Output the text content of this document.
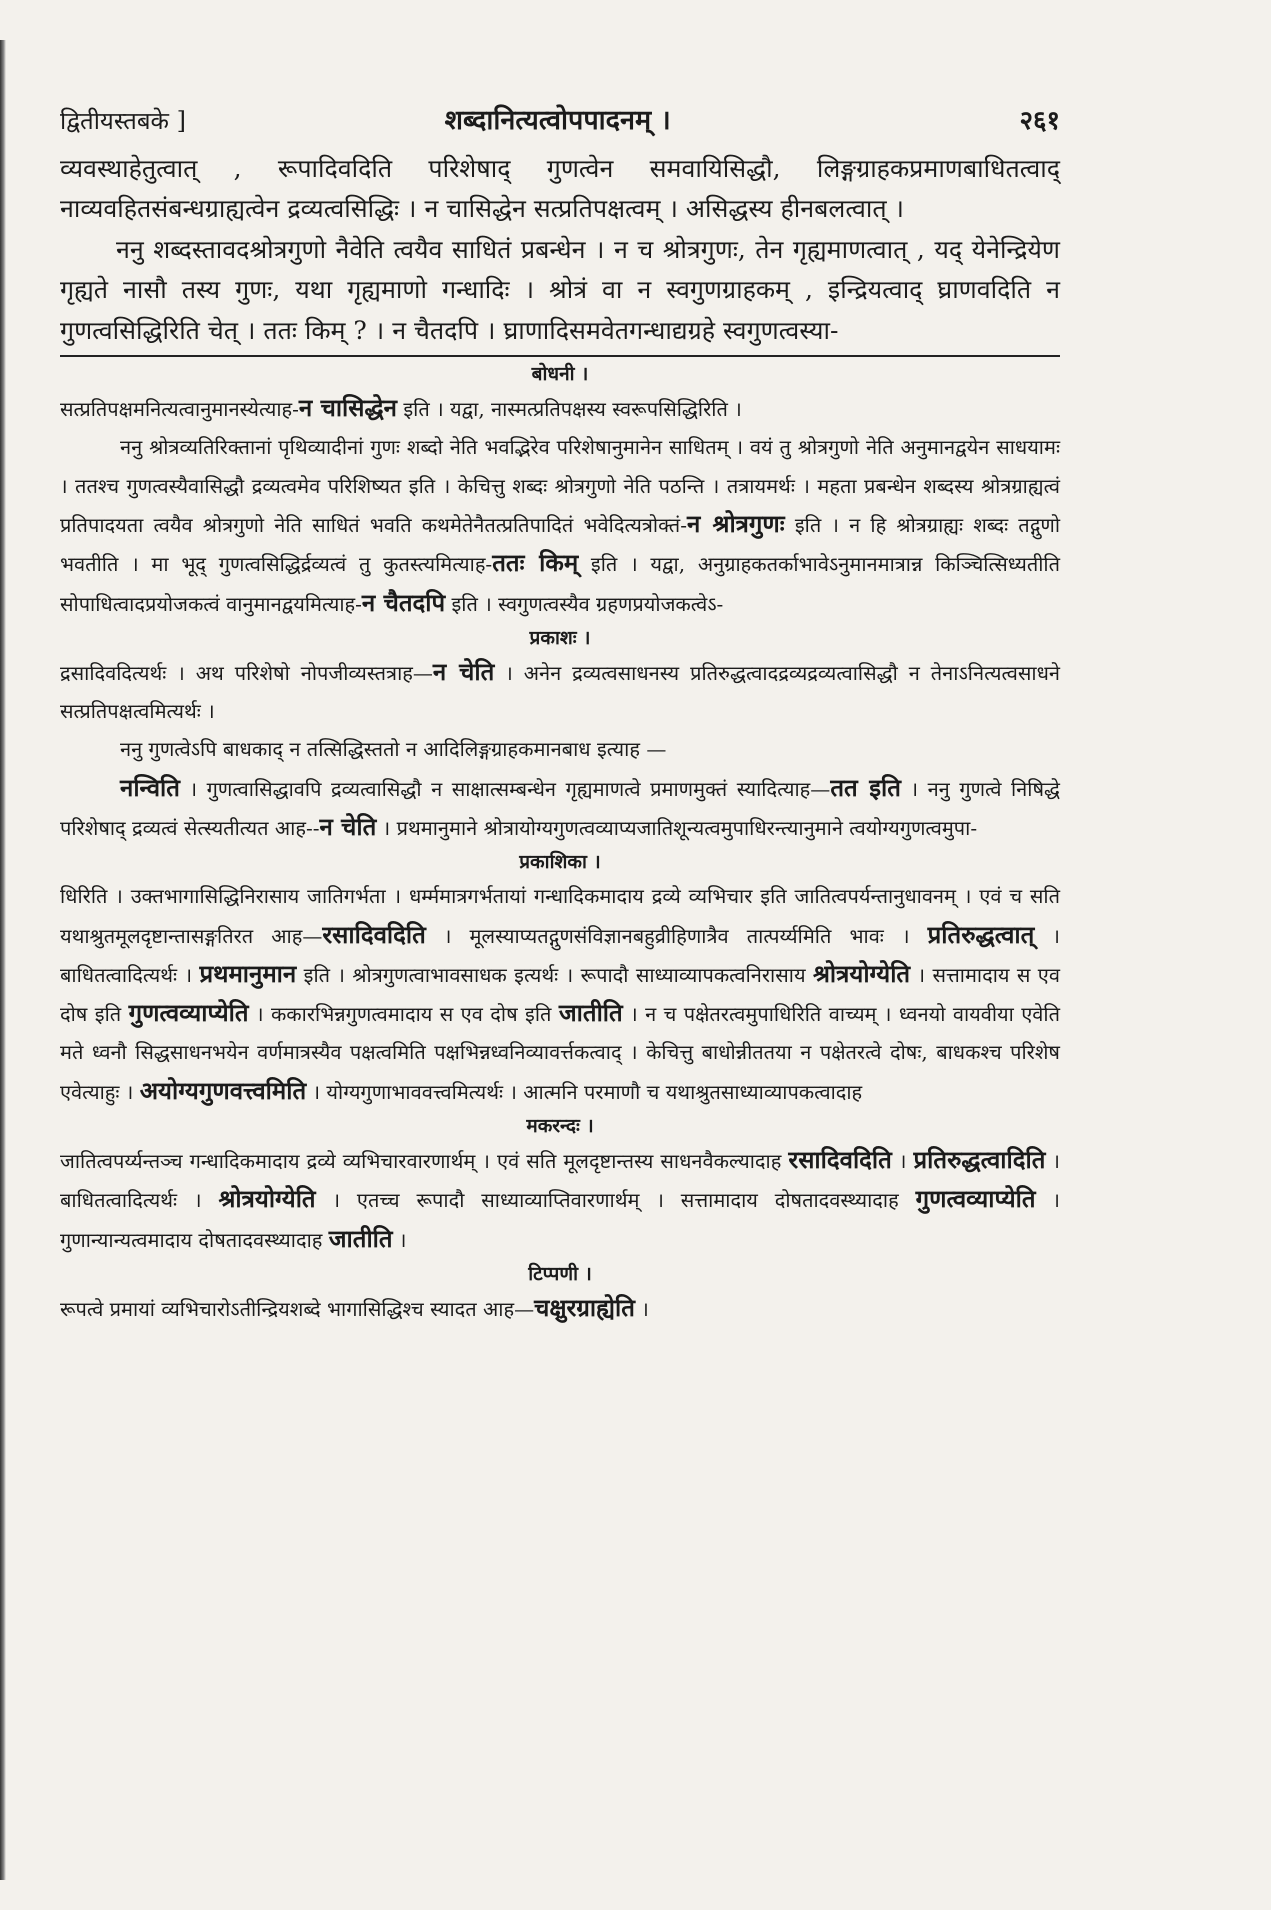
द्वितीयस्तबके ]	शब्दानित्यत्वोपपादनम् ।	२६१

व्यवस्थाहेतुत्वात् , रूपादिवदिति परिशेषाद् गुणत्वेन समवायिसिद्धौ, लिङ्गग्राहकप्रमाणबाधितत्वाद् नाव्यवहितसंबन्धग्राह्यत्वेन द्रव्यत्वसिद्धिः । न चासिद्धेन सत्प्रतिपक्षत्वम् । असिद्धस्य हीनबलत्वात् ।

ननु शब्दस्तावदश्रोत्रगुणो नैवेति त्वयैव साधितं प्रबन्धेन । न च श्रोत्रगुणः, तेन गृह्यमाणत्वात् , यद् येनेन्द्रियेण गृह्यते नासौ तस्य गुणः, यथा गृह्यमाणो गन्धादिः । श्रोत्रं वा न स्वगुणग्राहकम् , इन्द्रियत्वाद् घ्राणवदिति न गुणत्वसिद्धिरिति चेत् । ततः किम् ? । न चैतदपि । घ्राणादिसमवेतगन्धाद्यग्रहे स्वगुणत्वस्या-

बोधनी ।

सत्प्रतिपक्षमनित्यत्वानुमानस्येत्याह-न चासिद्धेन इति । यद्वा, नास्मत्प्रतिपक्षस्य स्वरूपसिद्धिरिति ।
ननु श्रोत्रव्यतिरिक्तानां पृथिव्यादीनां गुणः शब्दो नेति भवद्भिरेव परिशेषानुमानेन साधितम् । वयं तु श्रोत्रगुणो नेति अनुमानद्वयेन साधयामः । ततश्च गुणत्वस्यैवासिद्धौ द्रव्यत्वमेव परिशिष्यत इति । केचित्तु शब्दः श्रोत्रगुणो नेति पठन्ति । तत्रायमर्थः । महता प्रबन्धेन शब्दस्य श्रोत्रग्राह्यत्वं प्रतिपादयता त्वयैव श्रोत्रगुणो नेति साधितं भवति कथमेतेनैतत्प्रतिपादितं भवेदित्यत्रोक्तं-न श्रोत्रगुणः इति । न हि श्रोत्रग्राह्यः शब्दः तद्गुणो भवतीति । मा भूद् गुणत्वसिद्धिर्द्रव्यत्वं तु कुतस्त्यमित्याह-ततः किम् इति । यद्वा, अनुग्राहकतर्काभावेऽनुमानमात्रान्न किञ्चित्सिध्यतीति सोपाधित्वादप्रयोजकत्वं वानुमानद्वयमित्याह-न चैतदपि इति । स्वगुणत्वस्यैव ग्रहणप्रयोजकत्वेऽ-

प्रकाशः ।

द्रसादिवदित्यर्थः । अथ परिशेषो नोपजीव्यस्तत्राह—न चेति । अनेन द्रव्यत्वसाधनस्य प्रतिरुद्धत्वादद्रव्यद्रव्यत्वासिद्धौ न तेनाऽनित्यत्वसाधने सत्प्रतिपक्षत्वमित्यर्थः ।

ननु गुणत्वेऽपि बाधकाद् न तत्सिद्धिस्ततो न आदिलिङ्गग्राहकमानबाध इत्याह —

नन्विति । गुणत्वासिद्धावपि द्रव्यत्वासिद्धौ न साक्षात्सम्बन्धेन गृह्यमाणत्वे प्रमाणमुक्तं स्यादित्याह—तत इति । ननु गुणत्वे निषिद्धे परिशेषाद् द्रव्यत्वं सेत्स्यतीत्यत आह--न चेति । प्रथमानुमाने श्रोत्रायोग्यगुणत्वव्याप्यजातिशून्यत्वमुपाधिरन्त्यानुमाने त्वयोग्यगुणत्वमुपा-

प्रकाशिका ।

धिरिति । उक्तभागासिद्धिनिरासाय जातिगर्भता । धर्म्ममात्रगर्भतायां गन्धादिकमादाय द्रव्ये व्यभिचार इति जातित्वपर्यन्तानुधावनम् । एवं च सति यथाश्रुतमूलदृष्टान्तासङ्गतिरत आह—रसादिवदिति । मूलस्याप्यतद्गुणसंविज्ञानबहुव्रीहिणात्रैव तात्पर्य्यमिति भावः । प्रतिरुद्धत्वात् । बाधितत्वादित्यर्थः । प्रथमानुमान इति । श्रोत्रगुणत्वाभावसाधक इत्यर्थः । रूपादौ साध्याव्यापकत्वनिरासाय श्रोत्रयोग्येति । सत्तामादाय स एव दोष इति गुणत्वव्याप्येति । ककारभिन्नगुणत्वमादाय स एव दोष इति जातीति । न च पक्षेतरत्वमुपाधिरिति वाच्यम् । ध्वनयो वायवीया एवेति मते ध्वनौ सिद्धसाधनभयेन वर्णमात्रस्यैव पक्षत्वमिति पक्षभिन्नध्वनिव्यावर्त्तकत्वाद् । केचित्तु बाधोन्नीततया न पक्षेतरत्वे दोषः, बाधकश्च परिशेष एवेत्याहुः । अयोग्यगुणवत्त्वमिति । योग्यगुणाभाववत्त्वमित्यर्थः । आत्मनि परमाणौ च यथाश्रुतसाध्याव्यापकत्वादाह

मकरन्दः ।

जातित्वपर्य्यन्तञ्च गन्धादिकमादाय द्रव्ये व्यभिचारवारणार्थम् । एवं सति मूलदृष्टान्तस्य साधनवैकल्यादाह रसादिवदिति । प्रतिरुद्धत्वादिति । बाधितत्वादित्यर्थः । श्रोत्रयोग्येति । एतच्च रूपादौ साध्याव्याप्तिवारणार्थम् । सत्तामादाय दोषतादवस्थ्यादाह गुणत्वव्याप्येति । गुणान्यान्यत्वमादाय दोषतादवस्थ्यादाह जातीति ।

टिप्पणी ।

रूपत्वे प्रमायां व्यभिचारोऽतीन्द्रियशब्दे भागासिद्धिश्च स्यादत आह—चक्षुरग्राह्येति ।
